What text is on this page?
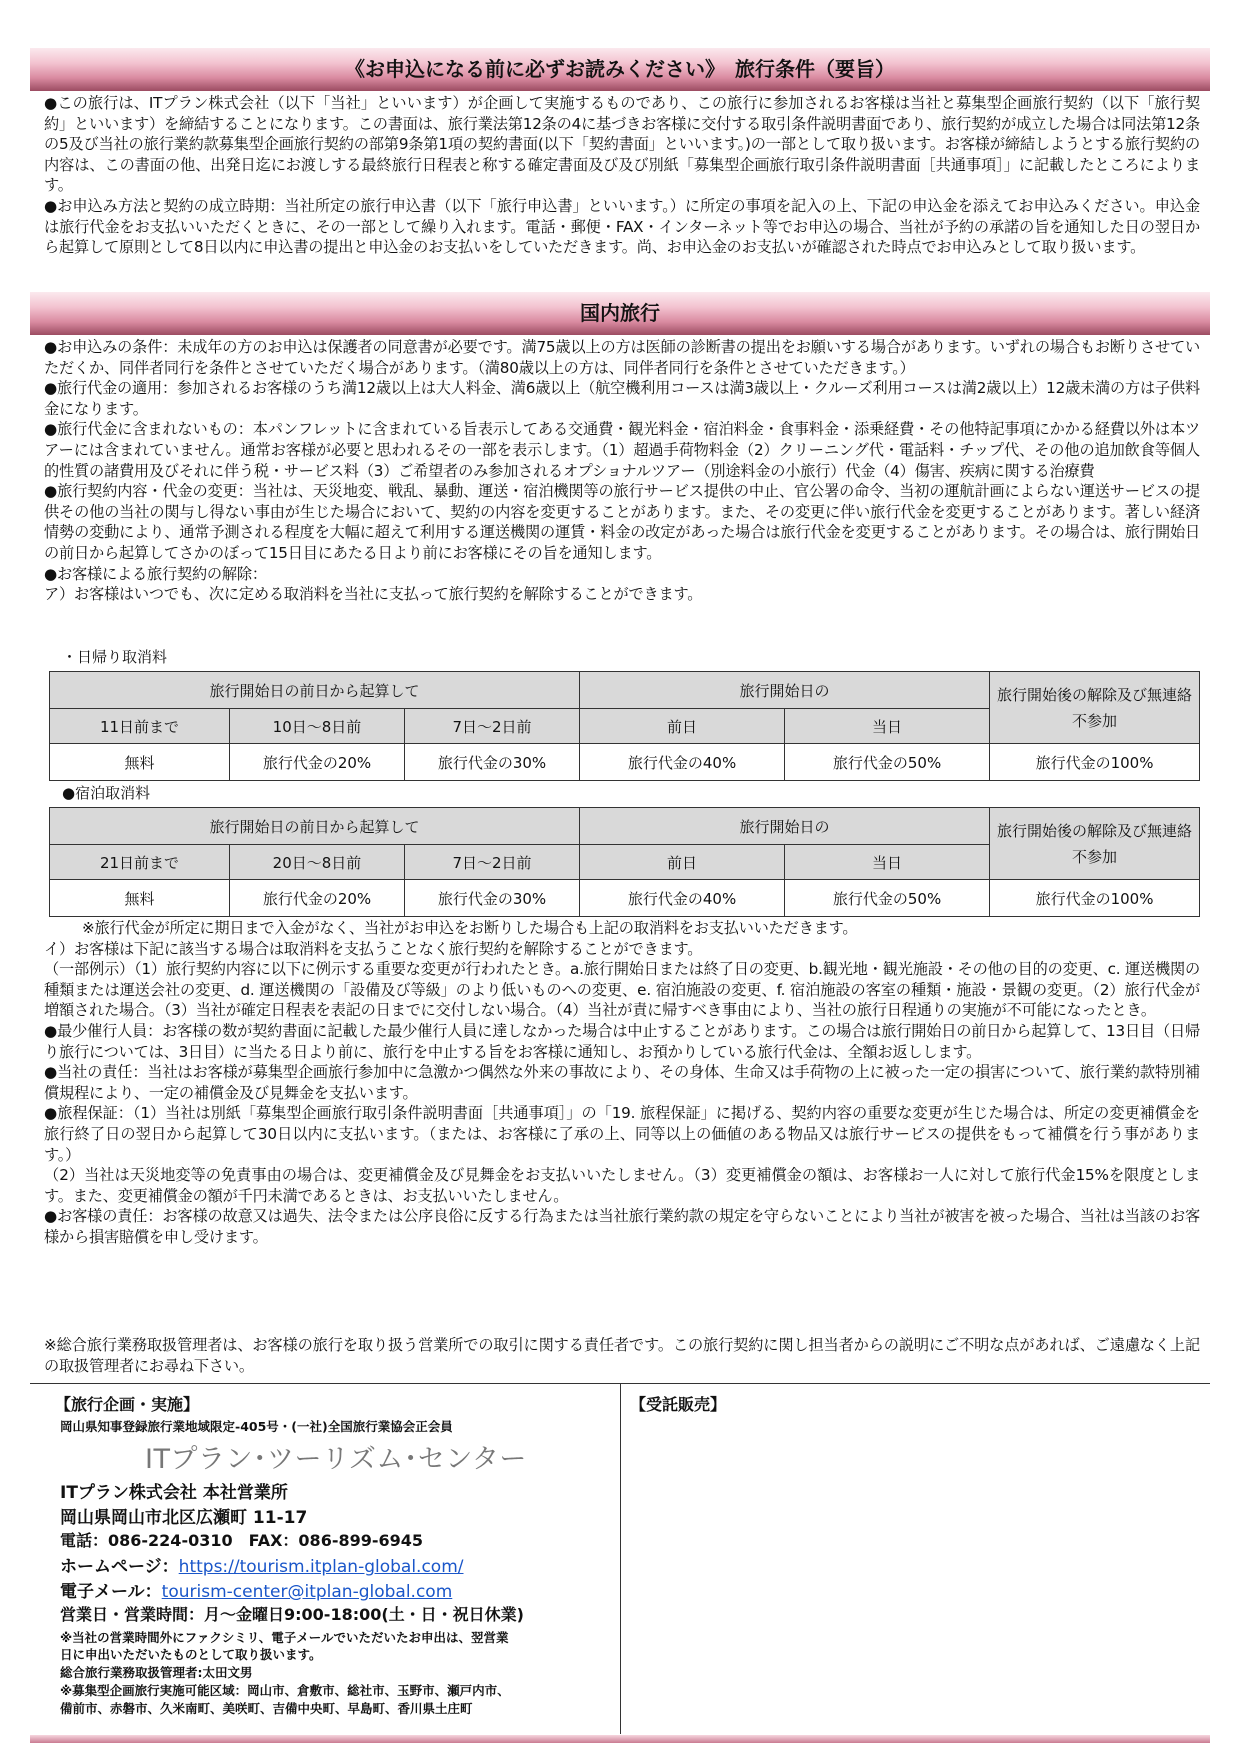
《お申込になる前に必ずお読みください》　旅行条件（要旨）

●この旅行は、ITプラン株式会社（以下「当社」といいます）が企画して実施するものであり、この旅行に参加されるお客様は当社と募集型企画旅行契約（以下「旅行契約」といいます）を締結することになります。この書面は、旅行業法第12条の4に基づきお客様に交付する取引条件説明書面であり、旅行契約が成立した場合は同法第12条の5及び当社の旅行業約款募集型企画旅行契約の部第9条第1項の契約書面(以下「契約書面」といいます。)の一部として取り扱います。お客様が締結しようとする旅行契約の内容は、この書面の他、出発日迄にお渡しする最終旅行日程表と称する確定書面及び及び別紙「募集型企画旅行取引条件説明書面［共通事項］」に記載したところによります。

●お申込み方法と契約の成立時期：当社所定の旅行申込書（以下「旅行申込書」といいます。）に所定の事項を記入の上、下記の申込金を添えてお申込みください。申込金は旅行代金をお支払いいただくときに、その一部として繰り入れます。電話・郵便・FAX・インターネット等でお申込の場合、当社が予約の承諾の旨を通知した日の翌日から起算して原則として8日以内に申込書の提出と申込金のお支払いをしていただきます。尚、お申込金のお支払いが確認された時点でお申込みとして取り扱います。

国内旅行

●お申込みの条件：未成年の方のお申込は保護者の同意書が必要です。満75歳以上の方は医師の診断書の提出をお願いする場合があります。いずれの場合もお断りさせていただくか、同伴者同行を条件とさせていただく場合があります。（満80歳以上の方は、同伴者同行を条件とさせていただきます。）

●旅行代金の適用：参加されるお客様のうち満12歳以上は大人料金、満6歳以上（航空機利用コースは満3歳以上・クルーズ利用コースは満2歳以上）12歳未満の方は子供料金になります。

●旅行代金に含まれないもの：本パンフレットに含まれている旨表示してある交通費・観光料金・宿泊料金・食事料金・添乗経費・その他特記事項にかかる経費以外は本ツアーには含まれていません。通常お客様が必要と思われるその一部を表示します。（1）超過手荷物料金（2）クリーニング代・電話料・チップ代、その他の追加飲食等個人的性質の諸費用及びそれに伴う税・サービス料（3）ご希望者のみ参加されるオプショナルツアー（別途料金の小旅行）代金（4）傷害、疾病に関する治療費

●旅行契約内容・代金の変更：当社は、天災地変、戦乱、暴動、運送・宿泊機関等の旅行サービス提供の中止、官公署の命令、当初の運航計画によらない運送サービスの提供その他の当社の関与し得ない事由が生じた場合において、契約の内容を変更することがあります。また、その変更に伴い旅行代金を変更することがあります。著しい経済情勢の変動により、通常予測される程度を大幅に超えて利用する運送機関の運賃・料金の改定があった場合は旅行代金を変更することがあります。その場合は、旅行開始日の前日から起算してさかのぼって15日目にあたる日より前にお客様にその旨を通知します。

●お客様による旅行契約の解除：

ア）お客様はいつでも、次に定める取消料を当社に支払って旅行契約を解除することができます。

・日帰り取消料
旅行開始日の前日から起算して			旅行開始日の		旅行開始後の解除及び無連絡不参加
11日前まで	10日～8日前	7日～2日前	前日	当日	
無料	旅行代金の20%	旅行代金の30%	旅行代金の40%	旅行代金の50%	旅行代金の100%
●宿泊取消料
旅行開始日の前日から起算して			旅行開始日の		旅行開始後の解除及び無連絡不参加
21日前まで	20日～8日前	7日～2日前	前日	当日	
無料	旅行代金の20%	旅行代金の30%	旅行代金の40%	旅行代金の50%	旅行代金の100%

※旅行代金が所定に期日まで入金がなく、当社がお申込をお断りした場合も上記の取消料をお支払いいただきます。

イ）お客様は下記に該当する場合は取消料を支払うことなく旅行契約を解除することができます。

（一部例示）（1）旅行契約内容に以下に例示する重要な変更が行われたとき。a.旅行開始日または終了日の変更、b.観光地・観光施設・その他の目的の変更、c. 運送機関の種類または運送会社の変更、d. 運送機関の「設備及び等級」のより低いものへの変更、e. 宿泊施設の変更、f. 宿泊施設の客室の種類・施設・景観の変更。（2）旅行代金が増額された場合。（3）当社が確定日程表を表記の日までに交付しない場合。（4）当社が責に帰すべき事由により、当社の旅行日程通りの実施が不可能になったとき。

●最少催行人員：お客様の数が契約書面に記載した最少催行人員に達しなかった場合は中止することがあります。この場合は旅行開始日の前日から起算して、13日目（日帰り旅行については、3日目）に当たる日より前に、旅行を中止する旨をお客様に通知し、お預かりしている旅行代金は、全額お返しします。

●当社の責任：当社はお客様が募集型企画旅行参加中に急激かつ偶然な外来の事故により、その身体、生命又は手荷物の上に被った一定の損害について、旅行業約款特別補償規程により、一定の補償金及び見舞金を支払います。

●旅程保証：（1）当社は別紙「募集型企画旅行取引条件説明書面［共通事項］」の「19. 旅程保証」に掲げる、契約内容の重要な変更が生じた場合は、所定の変更補償金を旅行終了日の翌日から起算して30日以内に支払います。（または、お客様に了承の上、同等以上の価値のある物品又は旅行サービスの提供をもって補償を行う事があります。）

（2）当社は天災地変等の免責事由の場合は、変更補償金及び見舞金をお支払いいたしません。（3）変更補償金の額は、お客様お一人に対して旅行代金15%を限度とします。また、変更補償金の額が千円未満であるときは、お支払いいたしません。

●お客様の責任：お客様の故意又は過失、法令または公序良俗に反する行為または当社旅行業約款の規定を守らないことにより当社が被害を被った場合、当社は当該のお客様から損害賠償を申し受けます。

※総合旅行業務取扱管理者は、お客様の旅行を取り扱う営業所での取引に関する責任者です。この旅行契約に関し担当者からの説明にご不明な点があれば、ご遠慮なく上記の取扱管理者にお尋ね下さい。
【旅行企画・実施】
岡山県知事登録旅行業地域限定-405号・(一社)全国旅行業協会正会員
ITプラン･ツーリズム･センター
ITプラン株式会社 本社営業所
岡山県岡山市北区広瀬町 11-17
電話：086-224-0310　FAX：086-899-6945
ホームページ：https://tourism.itplan-global.com/
電子メール：tourism-center@itplan-global.com
営業日・営業時間：月～金曜日9:00-18:00(土・日・祝日休業)
※当社の営業時間外にファクシミリ、電子メールでいただいたお申出は、翌営業
日に申出いただいたものとして取り扱います。
総合旅行業務取扱管理者:太田文男
※募集型企画旅行実施可能区域：岡山市、倉敷市、総社市、玉野市、瀬戸内市、
備前市、赤磐市、久米南町、美咲町、吉備中央町、早島町、香川県土庄町
【受託販売】
